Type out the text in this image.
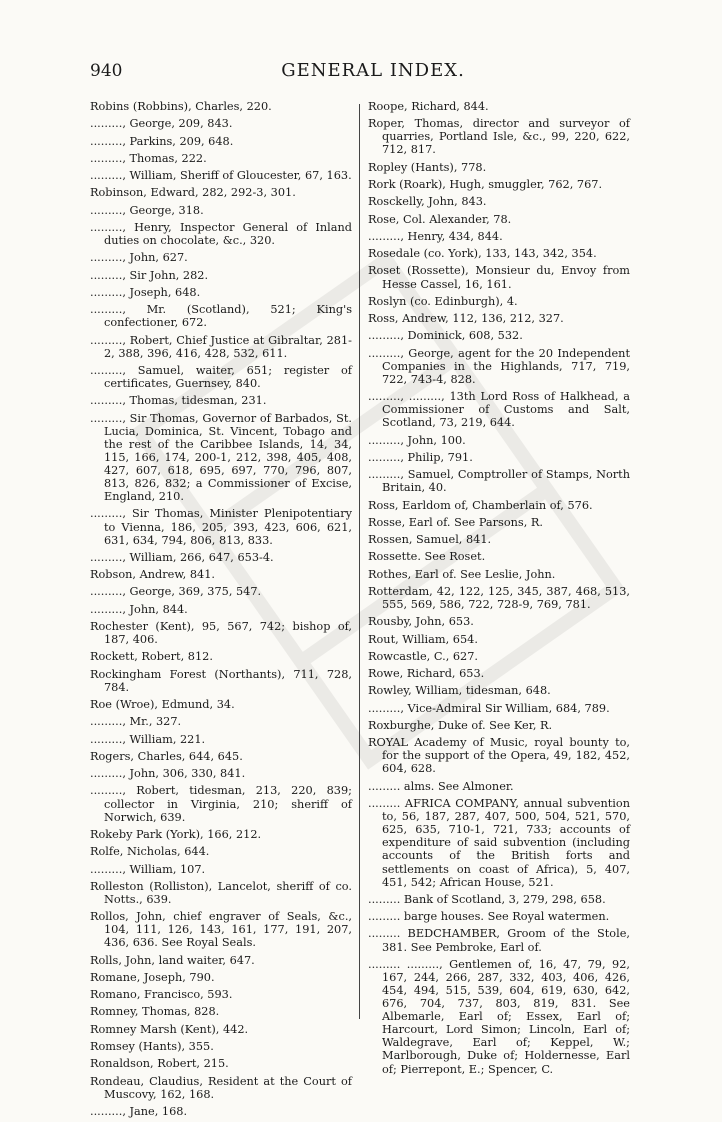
940	GENERAL INDEX.
Robins (Robbins), Charles, 220.
........., George, 209, 843.
........., Parkins, 209, 648.
........., Thomas, 222.
........., William, Sheriff of Gloucester, 67, 163.
Robinson, Edward, 282, 292-3, 301.
........., George, 318.
........., Henry, Inspector General of Inland duties on chocolate, &c., 320.
........., John, 627.
........., Sir John, 282.
........., Joseph, 648.
........., Mr. (Scotland), 521; King's confectioner, 672.
........., Robert, Chief Justice at Gibraltar, 281-2, 388, 396, 416, 428, 532, 611.
........., Samuel, waiter, 651; register of certificates, Guernsey, 840.
........., Thomas, tidesman, 231.
........., Sir Thomas, Governor of Barbados, St. Lucia, Dominica, St. Vincent, Tobago and the rest of the Caribbee Islands, 14, 34, 115, 166, 174, 200-1, 212, 398, 405, 408, 427, 607, 618, 695, 697, 770, 796, 807, 813, 826, 832; a Commissioner of Excise, England, 210.
........., Sir Thomas, Minister Plenipotentiary to Vienna, 186, 205, 393, 423, 606, 621, 631, 634, 794, 806, 813, 833.
........., William, 266, 647, 653-4.
Robson, Andrew, 841.
........., George, 369, 375, 547.
........., John, 844.
Rochester (Kent), 95, 567, 742; bishop of, 187, 406.
Rockett, Robert, 812.
Rockingham Forest (Northants), 711, 728, 784.
Roe (Wroe), Edmund, 34.
........., Mr., 327.
........., William, 221.
Rogers, Charles, 644, 645.
........., John, 306, 330, 841.
........., Robert, tidesman, 213, 220, 839; collector in Virginia, 210; sheriff of Norwich, 639.
Rokeby Park (York), 166, 212.
Rolfe, Nicholas, 644.
........., William, 107.
Rolleston (Rolliston), Lancelot, sheriff of co. Notts., 639.
Rollos, John, chief engraver of Seals, &c., 104, 111, 126, 143, 161, 177, 191, 207, 436, 636. See Royal Seals.
Rolls, John, land waiter, 647.
Romane, Joseph, 790.
Romano, Francisco, 593.
Romney, Thomas, 828.
Romney Marsh (Kent), 442.
Romsey (Hants), 355.
Ronaldson, Robert, 215.
Rondeau, Claudius, Resident at the Court of Muscovy, 162, 168.
........., Jane, 168.
Roope, Richard, 844.
Roper, Thomas, director and surveyor of quarries, Portland Isle, &c., 99, 220, 622, 712, 817.
Ropley (Hants), 778.
Rork (Roark), Hugh, smuggler, 762, 767.
Rosckelly, John, 843.
Rose, Col. Alexander, 78.
........., Henry, 434, 844.
Rosedale (co. York), 133, 143, 342, 354.
Roset (Rossette), Monsieur du, Envoy from Hesse Cassel, 16, 161.
Roslyn (co. Edinburgh), 4.
Ross, Andrew, 112, 136, 212, 327.
........., Dominick, 608, 532.
........., George, agent for the 20 Independent Companies in the Highlands, 717, 719, 722, 743-4, 828.
........., ........., 13th Lord Ross of Halkhead, a Commissioner of Customs and Salt, Scotland, 73, 219, 644.
........., John, 100.
........., Philip, 791.
........., Samuel, Comptroller of Stamps, North Britain, 40.
Ross, Earldom of, Chamberlain of, 576.
Rosse, Earl of. See Parsons, R.
Rossen, Samuel, 841.
Rossette. See Roset.
Rothes, Earl of. See Leslie, John.
Rotterdam, 42, 122, 125, 345, 387, 468, 513, 555, 569, 586, 722, 728-9, 769, 781.
Rousby, John, 653.
Rout, William, 654.
Rowcastle, C., 627.
Rowe, Richard, 653.
Rowley, William, tidesman, 648.
........., Vice-Admiral Sir William, 684, 789.
Roxburghe, Duke of. See Ker, R.
ROYAL Academy of Music, royal bounty to, for the support of the Opera, 49, 182, 452, 604, 628.
......... alms. See Almoner.
......... AFRICA COMPANY, annual subvention to, 56, 187, 287, 407, 500, 504, 521, 570, 625, 635, 710-1, 721, 733; accounts of expenditure of said subvention (including accounts of the British forts and settlements on coast of Africa), 5, 407, 451, 542; African House, 521.
......... Bank of Scotland, 3, 279, 298, 658.
......... barge houses. See Royal watermen.
......... BEDCHAMBER, Groom of the Stole, 381. See Pembroke, Earl of.
......... ........., Gentlemen of, 16, 47, 79, 92, 167, 244, 266, 287, 332, 403, 406, 426, 454, 494, 515, 539, 604, 619, 630, 642, 676, 704, 737, 803, 819, 831. See Albemarle, Earl of; Essex, Earl of; Harcourt, Lord Simon; Lincoln, Earl of; Waldegrave, Earl of; Keppel, W.; Marlborough, Duke of; Holdernesse, Earl of; Pierrepont, E.; Spencer, C.
